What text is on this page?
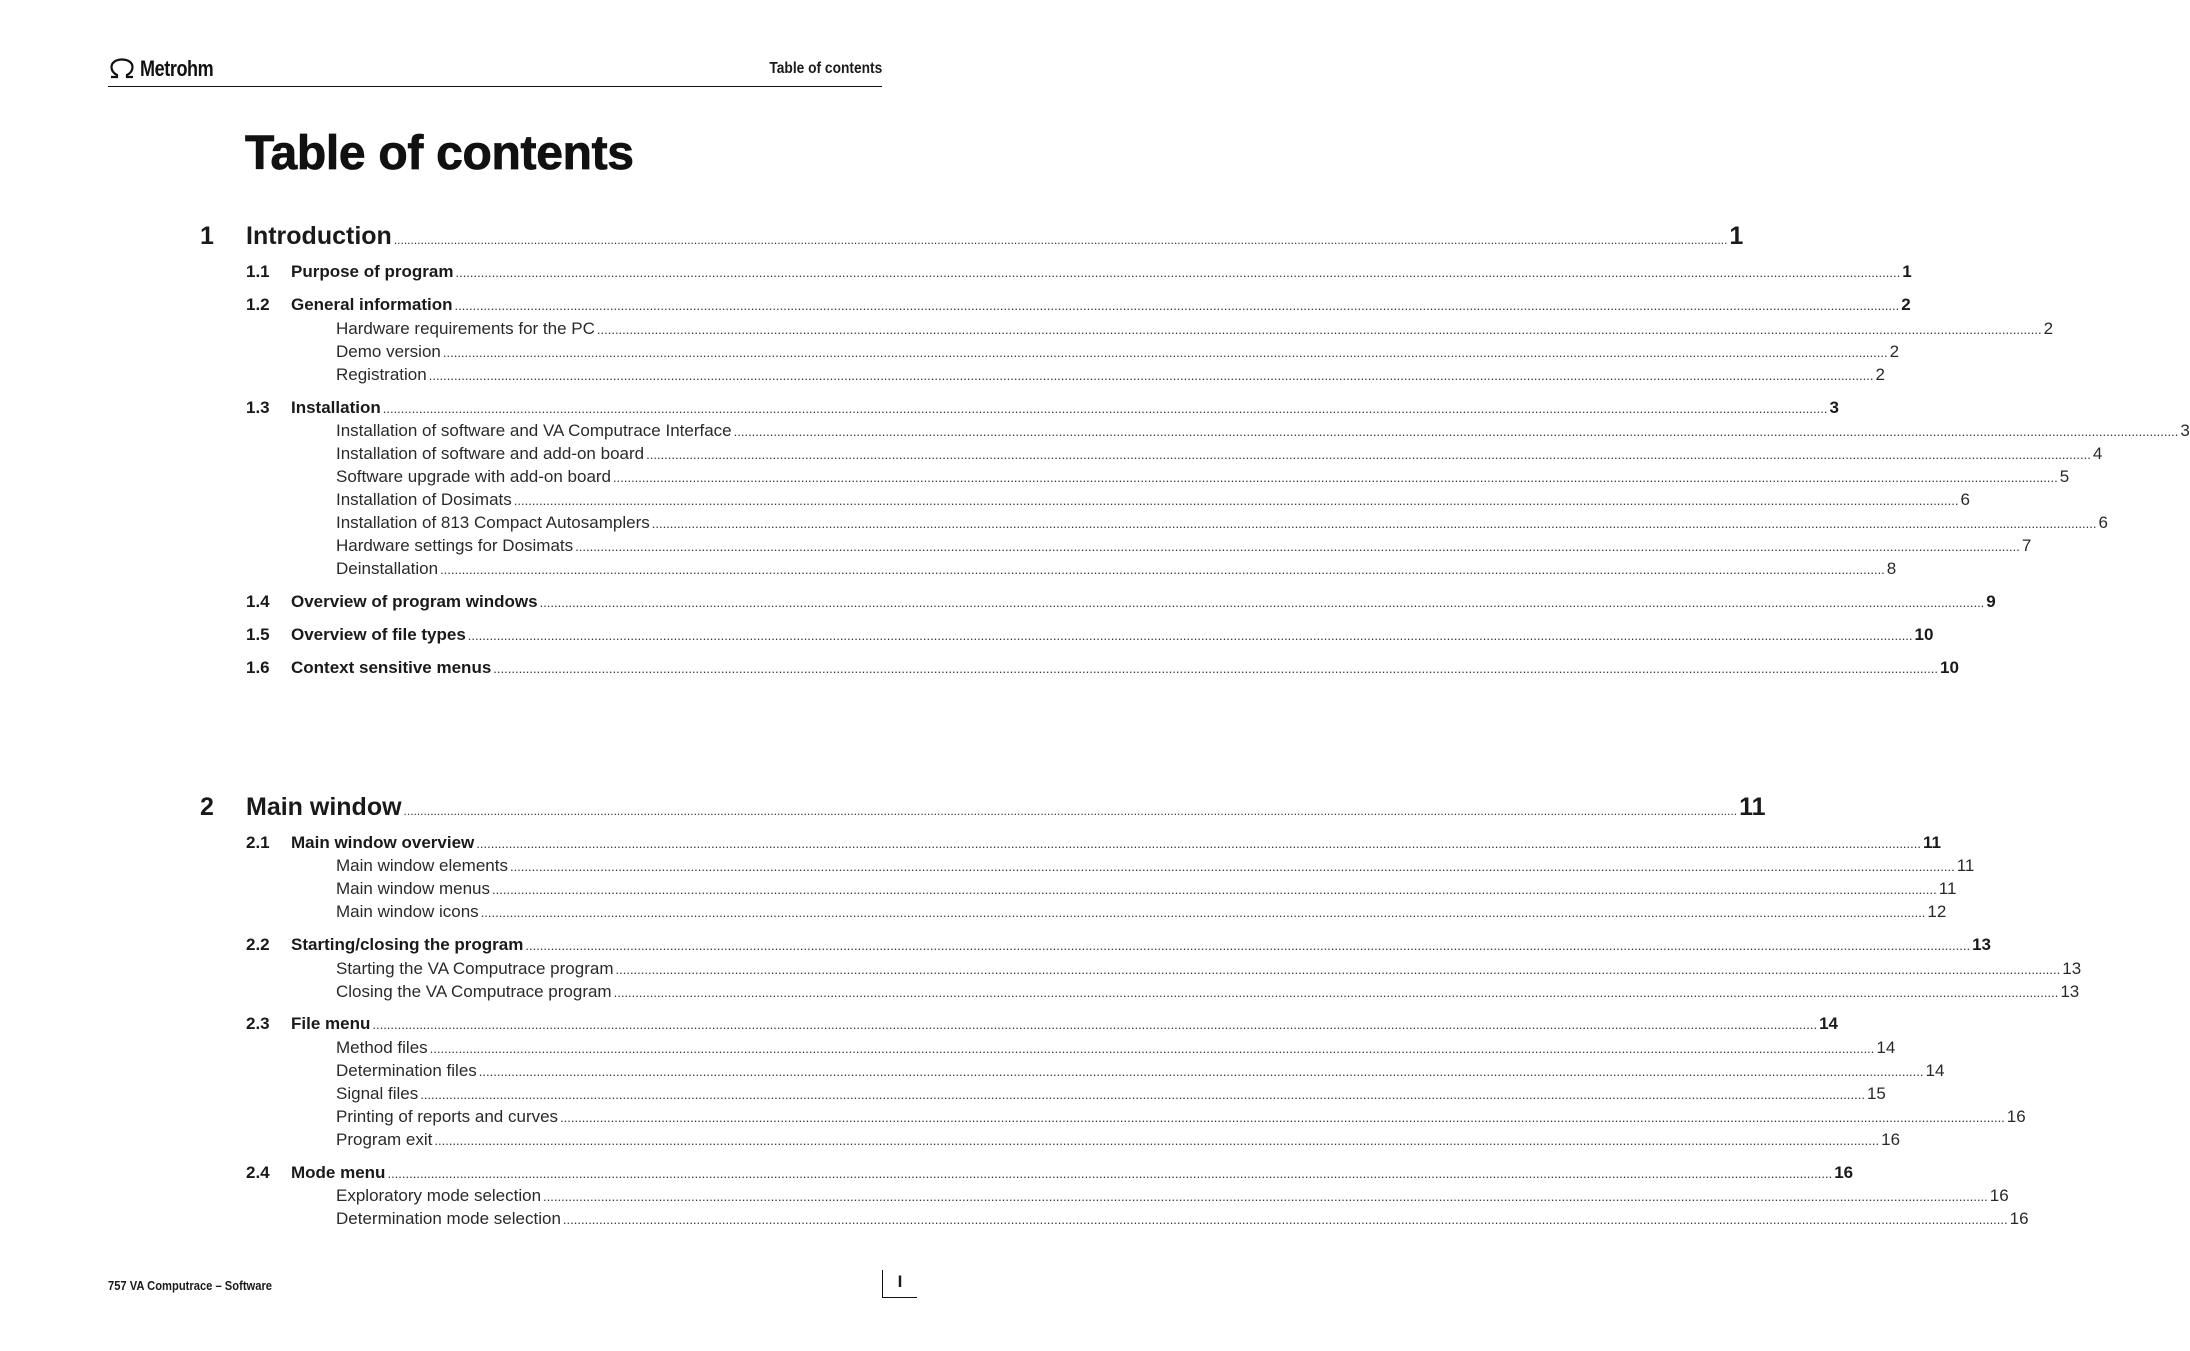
Metrohm	Table of contents
Table of contents
1 Introduction ................................................................................................................................................................................................................................................................................................................................................................................................................ 1
1.1 Purpose of program ................................................................................................................................................................................................................................................................................................................................................................................................................ 1
1.2 General information ................................................................................................................................................................................................................................................................................................................................................................................................................ 2
Hardware requirements for the PC ................................................................................................................................................................................................................................................................................................................................................................................................................ 2
Demo version ................................................................................................................................................................................................................................................................................................................................................................................................................ 2
Registration ................................................................................................................................................................................................................................................................................................................................................................................................................ 2
1.3 Installation ................................................................................................................................................................................................................................................................................................................................................................................................................ 3
Installation of software and VA Computrace Interface ................................................................................................................................................................................................................................................................................................................................................................................................................ 3
Installation of software and add-on board ................................................................................................................................................................................................................................................................................................................................................................................................................ 4
Software upgrade with add-on board ................................................................................................................................................................................................................................................................................................................................................................................................................ 5
Installation of Dosimats ................................................................................................................................................................................................................................................................................................................................................................................................................ 6
Installation of 813 Compact Autosamplers ................................................................................................................................................................................................................................................................................................................................................................................................................ 6
Hardware settings for Dosimats ................................................................................................................................................................................................................................................................................................................................................................................................................ 7
Deinstallation ................................................................................................................................................................................................................................................................................................................................................................................................................ 8
1.4 Overview of program windows ................................................................................................................................................................................................................................................................................................................................................................................................................ 9
1.5 Overview of file types ................................................................................................................................................................................................................................................................................................................................................................................................................ 10
1.6 Context sensitive menus ................................................................................................................................................................................................................................................................................................................................................................................................................ 10
2 Main window ................................................................................................................................................................................................................................................................................................................................................................................................................ 11
2.1 Main window overview ................................................................................................................................................................................................................................................................................................................................................................................................................ 11
Main window elements ................................................................................................................................................................................................................................................................................................................................................................................................................ 11
Main window menus ................................................................................................................................................................................................................................................................................................................................................................................................................ 11
Main window icons ................................................................................................................................................................................................................................................................................................................................................................................................................ 12
2.2 Starting/closing the program ................................................................................................................................................................................................................................................................................................................................................................................................................ 13
Starting the VA Computrace program ................................................................................................................................................................................................................................................................................................................................................................................................................ 13
Closing the VA Computrace program ................................................................................................................................................................................................................................................................................................................................................................................................................ 13
2.3 File menu ................................................................................................................................................................................................................................................................................................................................................................................................................ 14
Method files ................................................................................................................................................................................................................................................................................................................................................................................................................ 14
Determination files ................................................................................................................................................................................................................................................................................................................................................................................................................ 14
Signal files ................................................................................................................................................................................................................................................................................................................................................................................................................ 15
Printing of reports and curves ................................................................................................................................................................................................................................................................................................................................................................................................................ 16
Program exit ................................................................................................................................................................................................................................................................................................................................................................................................................ 16
2.4 Mode menu ................................................................................................................................................................................................................................................................................................................................................................................................................ 16
Exploratory mode selection ................................................................................................................................................................................................................................................................................................................................................................................................................ 16
Determination mode selection ................................................................................................................................................................................................................................................................................................................................................................................................................ 16
757 VA Computrace – Software	I
